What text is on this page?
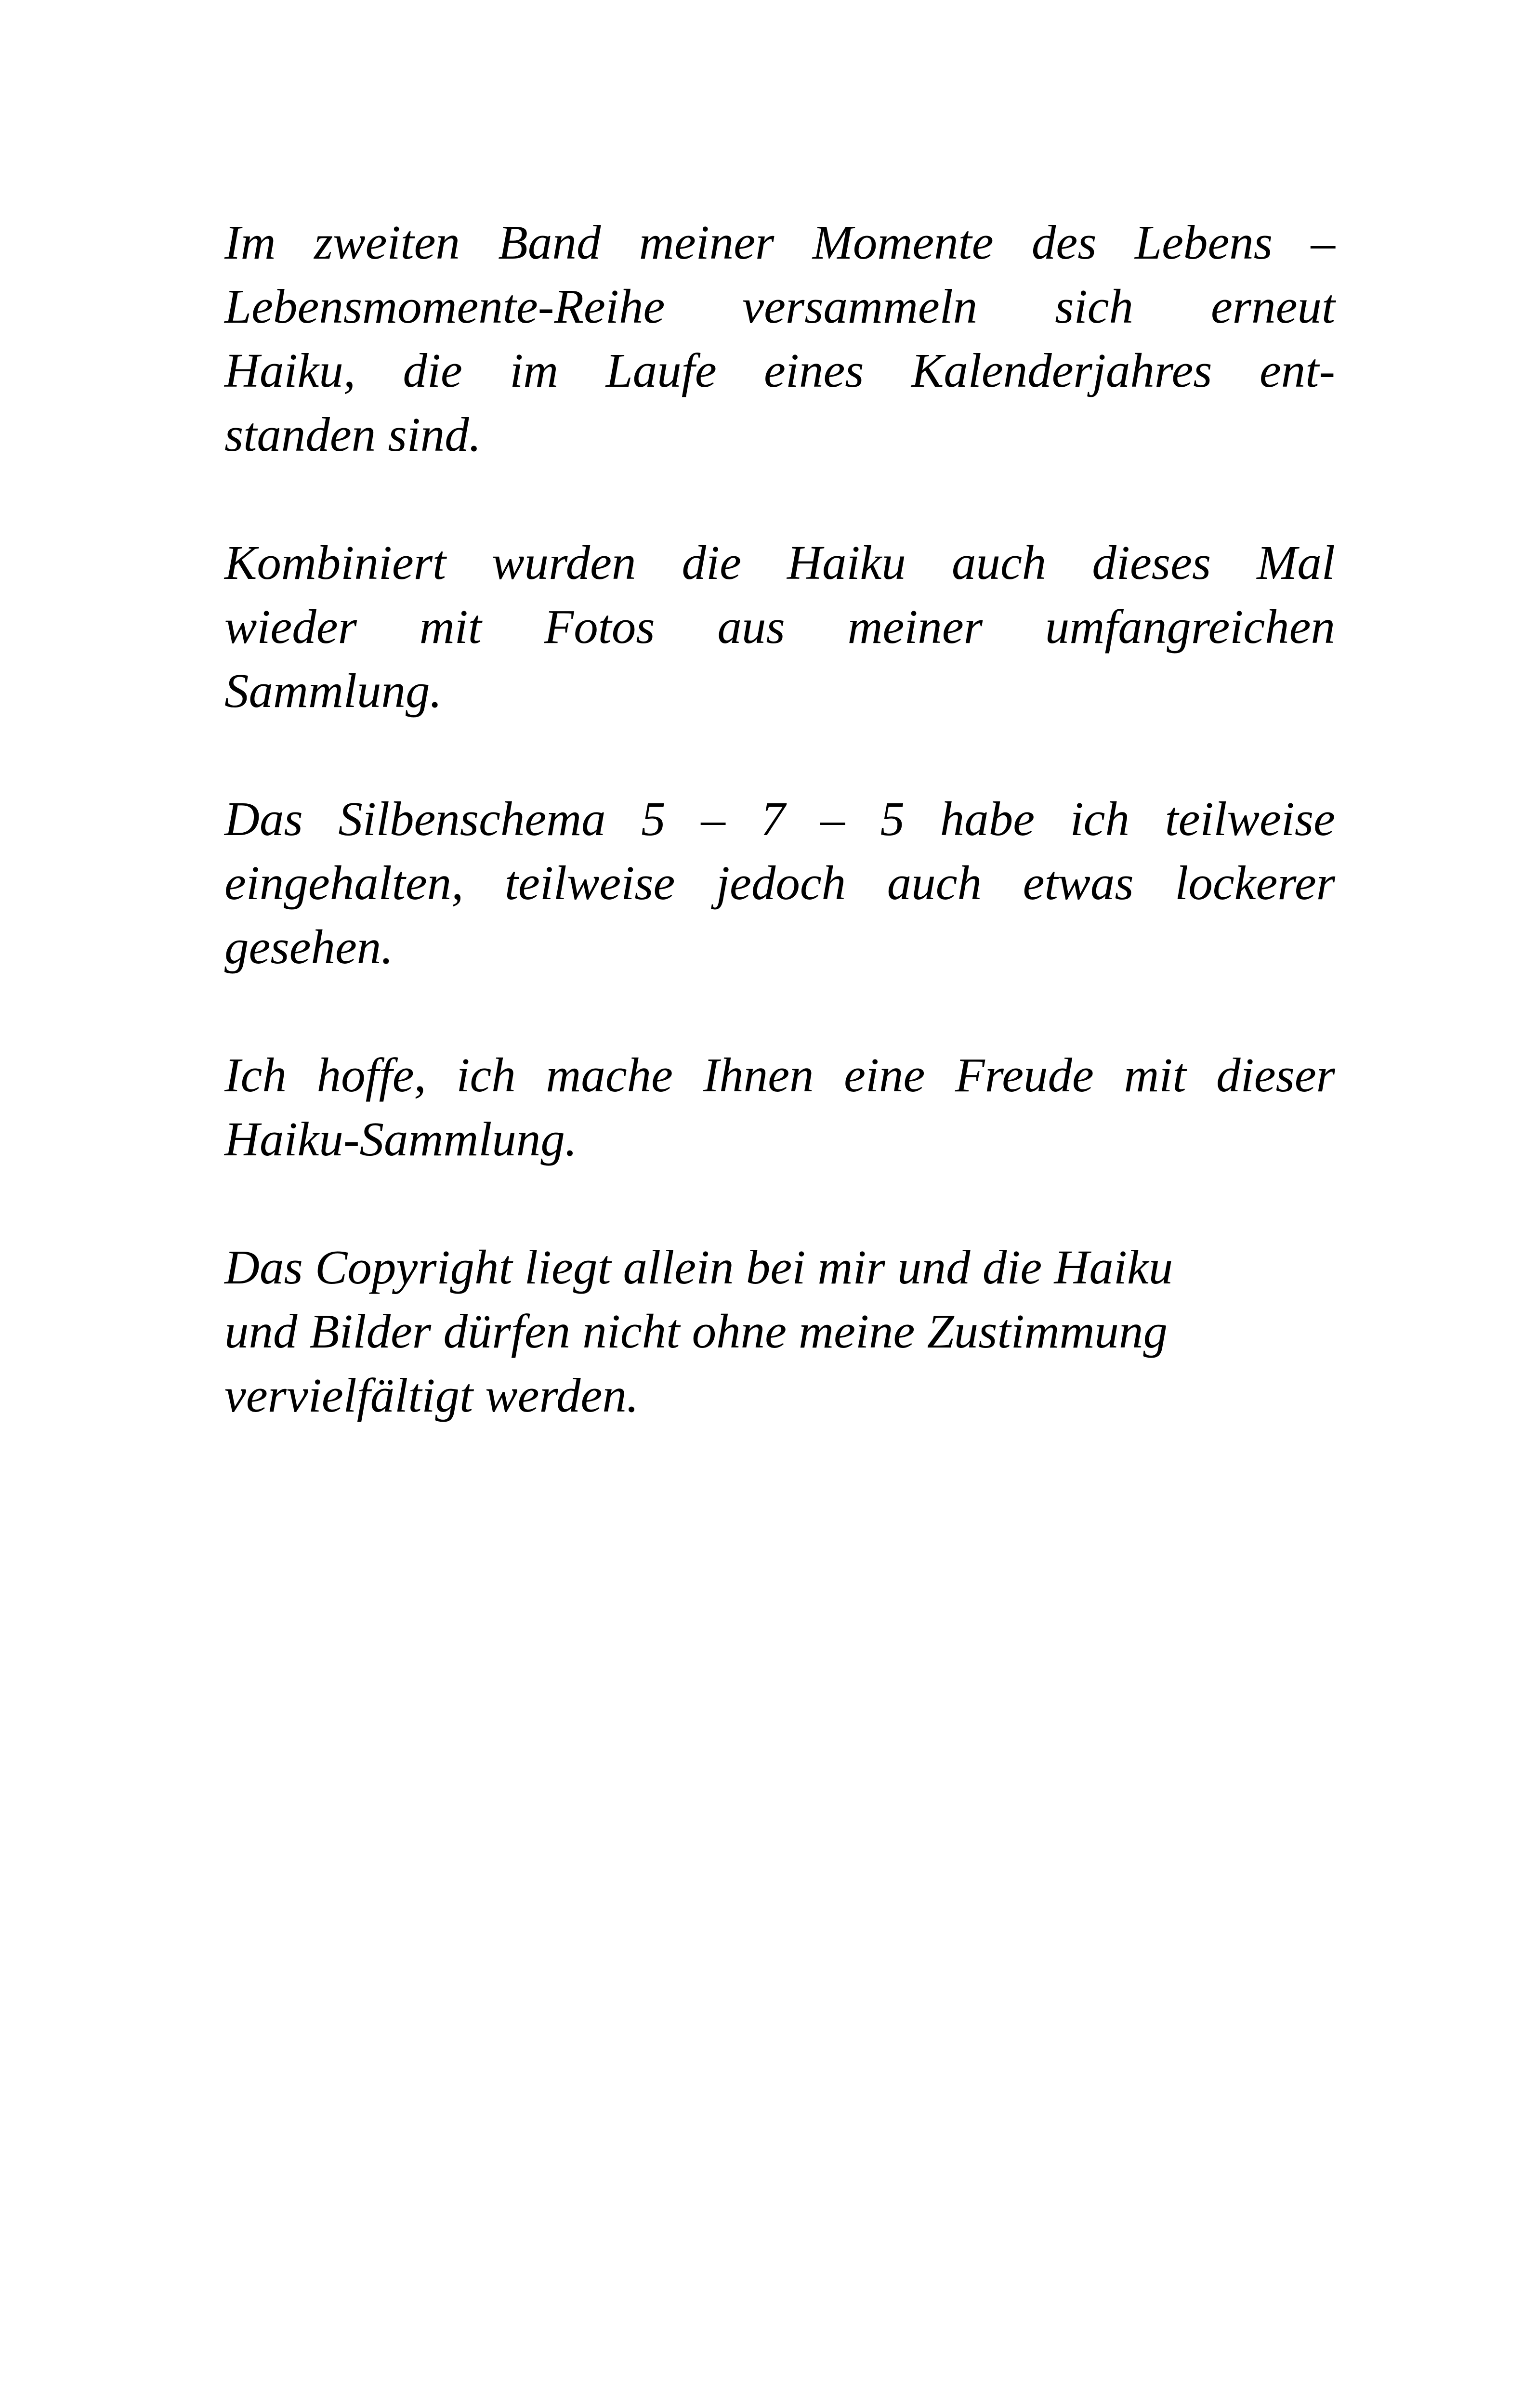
Im zweiten Band meiner Momente des Lebens –
Lebensmomente-Reihe versammeln sich erneut
Haiku, die im Laufe eines Kalenderjahres ent-
standen sind.
Kombiniert wurden die Haiku auch dieses Mal
wieder mit Fotos aus meiner umfangreichen
Sammlung.
Das Silbenschema 5 – 7 – 5 habe ich teilweise
eingehalten, teilweise jedoch auch etwas lockerer
gesehen.
Ich hoffe, ich mache Ihnen eine Freude mit dieser
Haiku-Sammlung.
Das Copyright liegt allein bei mir und die Haiku
und Bilder dürfen nicht ohne meine Zustimmung
vervielfältigt werden.
